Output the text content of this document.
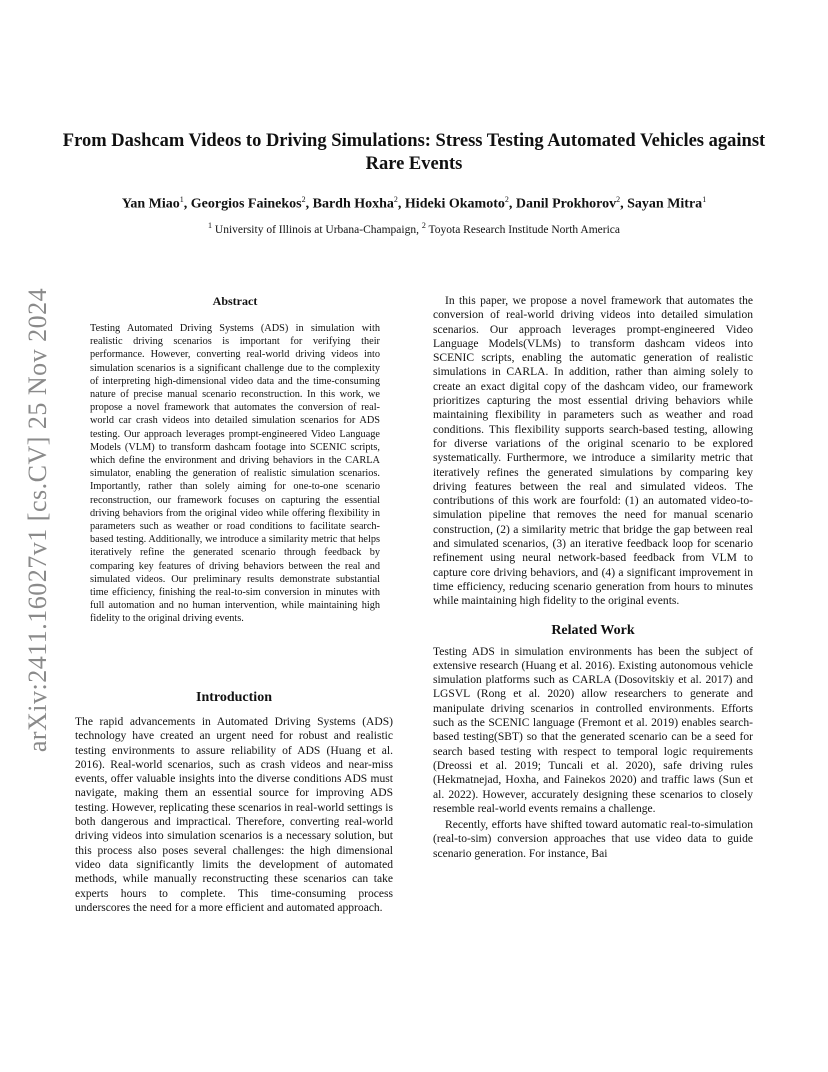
arXiv:2411.16027v1 [cs.CV] 25 Nov 2024
From Dashcam Videos to Driving Simulations: Stress Testing Automated Vehicles against Rare Events
Yan Miao$^1$, Georgios Fainekos$^2$, Bardh Hoxha$^2$, Hideki Okamoto$^2$, Danil Prokhorov$^2$, Sayan Mitra$^1$
$^1$ University of Illinois at Urbana-Champaign, $^2$ Toyota Research Institude North America
Abstract

Testing Automated Driving Systems (ADS) in simulation with realistic driving scenarios is important for verifying their performance. However, converting real-world driving videos into simulation scenarios is a significant challenge due to the complexity of interpreting high-dimensional video data and the time-consuming nature of precise manual scenario reconstruction. In this work, we propose a novel framework that automates the conversion of real-world car crash videos into detailed simulation scenarios for ADS testing. Our approach leverages prompt-engineered Video Language Models (VLM) to transform dashcam footage into SCENIC scripts, which define the environment and driving behaviors in the CARLA simulator, enabling the generation of realistic simulation scenarios. Importantly, rather than solely aiming for one-to-one scenario reconstruction, our framework focuses on capturing the essential driving behaviors from the original video while offering flexibility in parameters such as weather or road conditions to facilitate search-based testing. Additionally, we introduce a similarity metric that helps iteratively refine the generated scenario through feedback by comparing key features of driving behaviors between the real and simulated videos. Our preliminary results demonstrate substantial time efficiency, finishing the real-to-sim conversion in minutes with full automation and no human intervention, while maintaining high fidelity to the original driving events.

Introduction

The rapid advancements in Automated Driving Systems (ADS) technology have created an urgent need for robust and realistic testing environments to assure reliability of ADS (Huang et al. 2016). Real-world scenarios, such as crash videos and near-miss events, offer valuable insights into the diverse conditions ADS must navigate, making them an essential source for improving ADS testing. However, replicating these scenarios in real-world settings is both dangerous and impractical. Therefore, converting real-world driving videos into simulation scenarios is a necessary solution, but this process also poses several challenges: the high dimensional video data significantly limits the development of automated methods, while manually reconstructing these scenarios can take experts hours to complete. This time-consuming process underscores the need for a more efficient and automated approach.

In this paper, we propose a novel framework that automates the conversion of real-world driving videos into detailed simulation scenarios. Our approach leverages prompt-engineered Video Language Models(VLMs) to transform dashcam videos into SCENIC scripts, enabling the automatic generation of realistic simulations in CARLA. In addition, rather than aiming solely to create an exact digital copy of the dashcam video, our framework prioritizes capturing the most essential driving behaviors while maintaining flexibility in parameters such as weather and road conditions. This flexibility supports search-based testing, allowing for diverse variations of the original scenario to be explored systematically. Furthermore, we introduce a similarity metric that iteratively refines the generated simulations by comparing key driving features between the real and simulated videos. The contributions of this work are fourfold: (1) an automated video-to-simulation pipeline that removes the need for manual scenario construction, (2) a similarity metric that bridge the gap between real and simulated scenarios, (3) an iterative feedback loop for scenario refinement using neural network-based feedback from VLM to capture core driving behaviors, and (4) a significant improvement in time efficiency, reducing scenario generation from hours to minutes while maintaining high fidelity to the original events.

Related Work

Testing ADS in simulation environments has been the subject of extensive research (Huang et al. 2016). Existing autonomous vehicle simulation platforms such as CARLA (Dosovitskiy et al. 2017) and LGSVL (Rong et al. 2020) allow researchers to generate and manipulate driving scenarios in controlled environments. Efforts such as the SCENIC language (Fremont et al. 2019) enables search-based testing(SBT) so that the generated scenario can be a seed for search based testing with respect to temporal logic requirements (Dreossi et al. 2019; Tuncali et al. 2020), safe driving rules (Hekmatnejad, Hoxha, and Fainekos 2020) and traffic laws (Sun et al. 2022). However, accurately designing these scenarios to closely resemble real-world events remains a challenge.

Recently, efforts have shifted toward automatic real-to-simulation (real-to-sim) conversion approaches that use video data to guide scenario generation. For instance, Bai
